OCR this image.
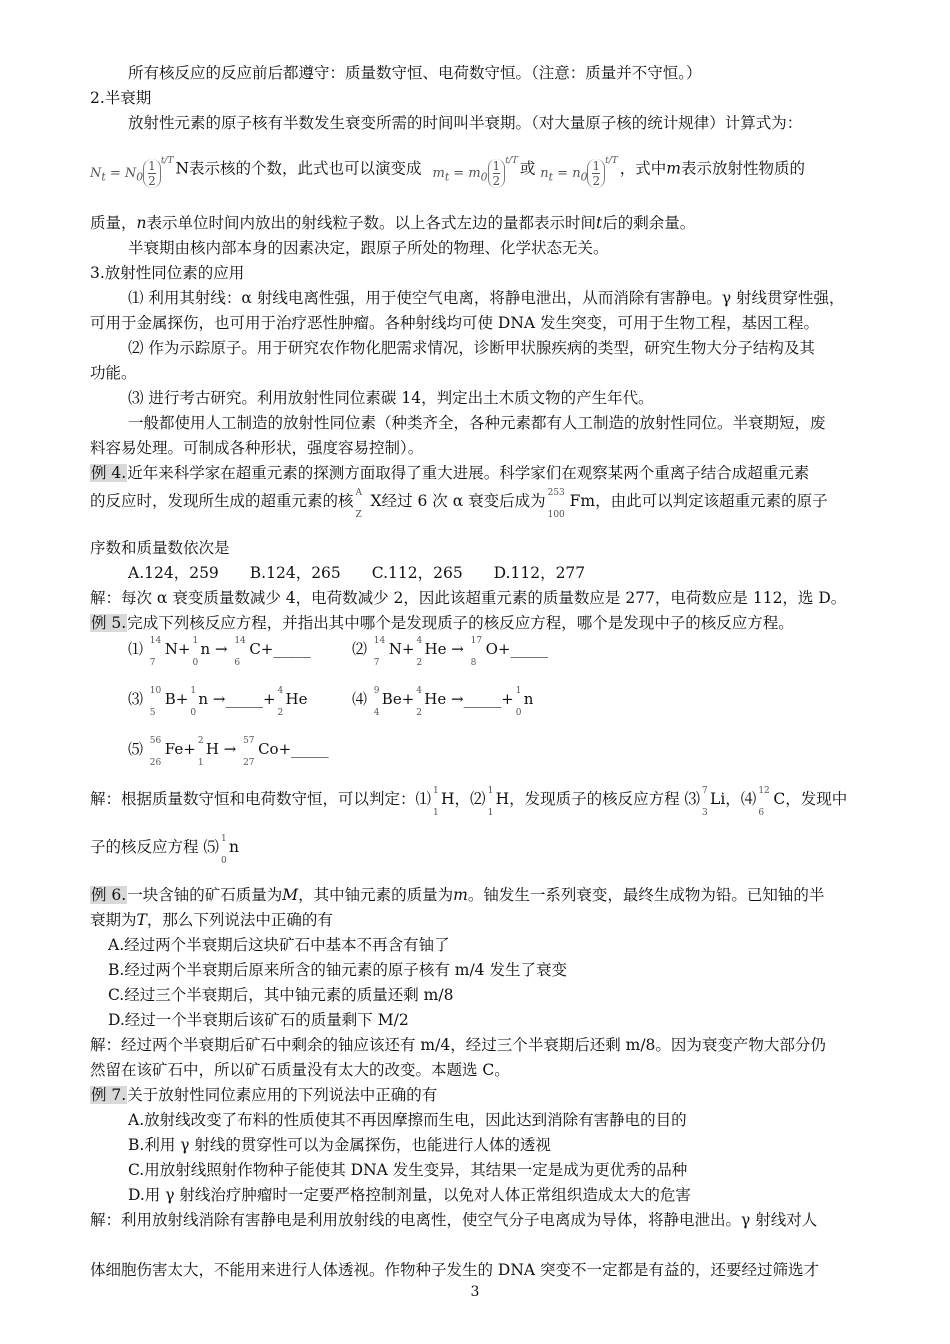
所有核反应的反应前后都遵守：质量数守恒、电荷数守恒。（注意：质量并不守恒。）
2.半衰期
放射性元素的原子核有半数发生衰变所需的时间叫半衰期。（对大量原子核的统计规律）计算式为：
$N_t = N_0 \frac{1}{2} ^{t/T}$ N表示核的个数，此式也可以演变成 $m_t = m_0 \frac{1}{2} ^{t/T}$ 或 $n_t = n_0 \frac{1}{2} ^{t/T}$ ，式中m表示放射性物质的
质量，n表示单位时间内放出的射线粒子数。以上各式左边的量都表示时间t后的剩余量。
半衰期由核内部本身的因素决定，跟原子所处的物理、化学状态无关。
3.放射性同位素的应用
⑴ 利用其射线：α 射线电离性强，用于使空气电离，将静电泄出，从而消除有害静电。γ 射线贯穿性强，
可用于金属探伤，也可用于治疗恶性肿瘤。各种射线均可使 DNA 发生突变，可用于生物工程，基因工程。
⑵ 作为示踪原子。用于研究农作物化肥需求情况，诊断甲状腺疾病的类型，研究生物大分子结构及其
功能。
⑶ 进行考古研究。利用放射性同位素碳 14，判定出土木质文物的产生年代。
一般都使用人工制造的放射性同位素（种类齐全，各种元素都有人工制造的放射性同位。半衰期短，废
料容易处理。可制成各种形状，强度容易控制）。
例 4.近年来科学家在超重元素的探测方面取得了重大进展。科学家们在观察某两个重离子结合成超重元素
的反应时，发现所生成的超重元素的核 A
Z
X经过 6 次 α 衰变后成为 253
100
Fm，由此可以判定该超重元素的原子
序数和质量数依次是
A.124，259　　B.124，265　　C.112，265　　D.112，277
解：每次 α 衰变质量数减少 4，电荷数减少 2，因此该超重元素的质量数应是 277，电荷数应是 112，选 D。
例 5.完成下列核反应方程，并指出其中哪个是发现质子的核反应方程，哪个是发现中子的核反应方程。
⑴ 14
7
N+ 1
0
n → 14
6
C+_____	⑵ 14
7
N+ 4
2
He → 17
8
O+_____
⑶ 10
5
B+ 1
0
n →_____+ 4
2
He	⑷ 9
4
Be+ 4
2
He →_____+ 1
0
n
⑸ 56
26
Fe+ 2
1
H → 57
27
Co+_____
解：根据质量数守恒和电荷数守恒，可以判定：⑴ 1
1
H，⑵ 1
1
H，发现质子的核反应方程 ⑶ 7
3
Li，⑷ 12
6
C，发现中
子的核反应方程 ⑸ 1
0
n
例 6.一块含铀的矿石质量为M，其中铀元素的质量为m。铀发生一系列衰变，最终生成物为铅。已知铀的半
衰期为T，那么下列说法中正确的有
A.经过两个半衰期后这块矿石中基本不再含有铀了
B.经过两个半衰期后原来所含的铀元素的原子核有 m/4 发生了衰变
C.经过三个半衰期后，其中铀元素的质量还剩 m/8
D.经过一个半衰期后该矿石的质量剩下 M/2
解：经过两个半衰期后矿石中剩余的铀应该还有 m/4，经过三个半衰期后还剩 m/8。因为衰变产物大部分仍
然留在该矿石中，所以矿石质量没有太大的改变。本题选 C。
例 7.关于放射性同位素应用的下列说法中正确的有
A.放射线改变了布料的性质使其不再因摩擦而生电，因此达到消除有害静电的目的
B.利用 γ 射线的贯穿性可以为金属探伤，也能进行人体的透视
C.用放射线照射作物种子能使其 DNA 发生变异，其结果一定是成为更优秀的品种
D.用 γ 射线治疗肿瘤时一定要严格控制剂量，以免对人体正常组织造成太大的危害
解：利用放射线消除有害静电是利用放射线的电离性，使空气分子电离成为导体，将静电泄出。γ 射线对人
体细胞伤害太大，不能用来进行人体透视。作物种子发生的 DNA 突变不一定都是有益的，还要经过筛选才
3
